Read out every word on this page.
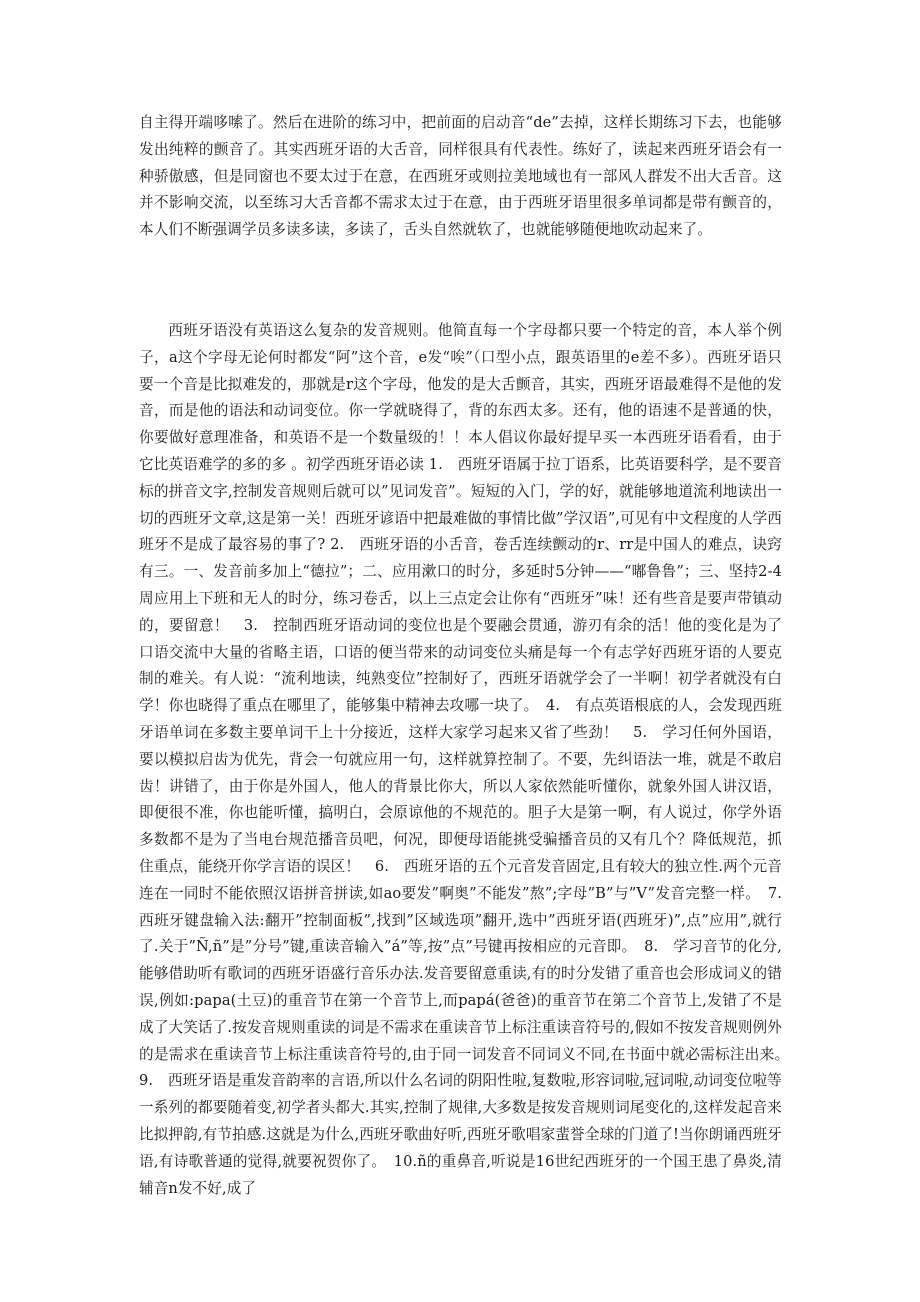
自主得开端哆嗦了。然后在进阶的练习中，把前面的启动音“de”去掉，这样长期练习下去，也能够发出纯粹的颤音了。其实西班牙语的大舌音，同样很具有代表性。练好了，读起来西班牙语会有一种骄傲感，但是同窗也不要太过于在意，在西班牙或则拉美地域也有一部风人群发不出大舌音。这并不影响交流，以至练习大舌音都不需求太过于在意，由于西班牙语里很多单词都是带有颤音的，本人们不断强调学员多读多读，多读了，舌头自然就软了，也就能够随便地吹动起来了。

西班牙语没有英语这么复杂的发音规则。他简直每一个字母都只要一个特定的音，本人举个例子，a这个字母无论何时都发“阿”这个音，e发“唉”（口型小点，跟英语里的e差不多）。西班牙语只要一个音是比拟难发的，那就是r这个字母，他发的是大舌颤音，其实，西班牙语最难得不是他的发音，而是他的语法和动词变位。你一学就晓得了，背的东西太多。还有，他的语速不是普通的快，你要做好意理准备，和英语不是一个数量级的！！本人倡议你最好提早买一本西班牙语看看，由于它比英语难学的多的多 。初学西班牙语必读 1.　西班牙语属于拉丁语系，比英语要科学，是不要音标的拼音文字,控制发音规则后就可以”见词发音”。短短的入门，学的好，就能够地道流利地读出一切的西班牙文章,这是第一关！西班牙谚语中把最难做的事情比做”学汉语”,可见有中文程度的人学西班牙不是成了最容易的事了? 2.　西班牙语的小舌音，卷舌连续颤动的r、rr是中国人的难点，诀窍有三。一、发音前多加上“德拉”；二、应用漱口的时分，多延时5分钟——“嘟鲁鲁”；三、坚持2-4周应用上下班和无人的时分，练习卷舌，以上三点定会让你有“西班牙”味！还有些音是要声带镇动的，要留意！　3.　控制西班牙语动词的变位也是个要融会贯通，游刃有余的活！他的变化是为了口语交流中大量的省略主语，口语的便当带来的动词变位头痛是每一个有志学好西班牙语的人要克制的难关。有人说：“流利地读，纯熟变位”控制好了，西班牙语就学会了一半啊！初学者就没有白学！你也晓得了重点在哪里了，能够集中精神去攻哪一块了。　4.　有点英语根底的人，会发现西班牙语单词在多数主要单词干上十分接近，这样大家学习起来又省了些劲！　5.　学习任何外国语，要以模拟启齿为优先，背会一句就应用一句，这样就算控制了。不要，先纠语法一堆，就是不敢启齿！讲错了，由于你是外国人，他人的背景比你大，所以人家依然能听懂你，就象外国人讲汉语，即便很不准，你也能听懂，搞明白，会原谅他的不规范的。胆子大是第一啊，有人说过，你学外语多数都不是为了当电台规范播音员吧，何况，即便母语能挑受骗播音员的又有几个？降低规范，抓住重点，能绕开你学言语的误区！　6.　西班牙语的五个元音发音固定,且有较大的独立性.两个元音连在一同时不能依照汉语拼音拼读,如ao要发”啊奥”不能发”熬”;字母”B”与”V”发音完整一样。　7.　西班牙键盘输入法:翻开”控制面板”,找到”区域选项”翻开,选中”西班牙语(西班牙)”,点”应用”,就行了.关于”Ñ,ñ”是”分号”键,重读音输入”á”等,按”点”号键再按相应的元音即。　8.　学习音节的化分,能够借助听有歌词的西班牙语盛行音乐办法.发音要留意重读,有的时分发错了重音也会形成词义的错误,例如:papa(土豆)的重音节在第一个音节上,而papá(爸爸)的重音节在第二个音节上,发错了不是成了大笑话了.按发音规则重读的词是不需求在重读音节上标注重读音符号的,假如不按发音规则例外的是需求在重读音节上标注重读音符号的,由于同一词发音不同词义不同,在书面中就必需标注出来。　9.　西班牙语是重发音韵率的言语,所以什么名词的阴阳性啦,复数啦,形容词啦,冠词啦,动词变位啦等一系列的都要随着变,初学者头都大.其实,控制了规律,大多数是按发音规则词尾变化的,这样发起音来比拟押韵,有节拍感.这就是为什么,西班牙歌曲好听,西班牙歌唱家蜚誉全球的门道了!当你朗诵西班牙语,有诗歌普通的觉得,就要祝贺你了。　10.ñ的重鼻音,听说是16世纪西班牙的一个国王患了鼻炎,清辅音n发不好,成了
